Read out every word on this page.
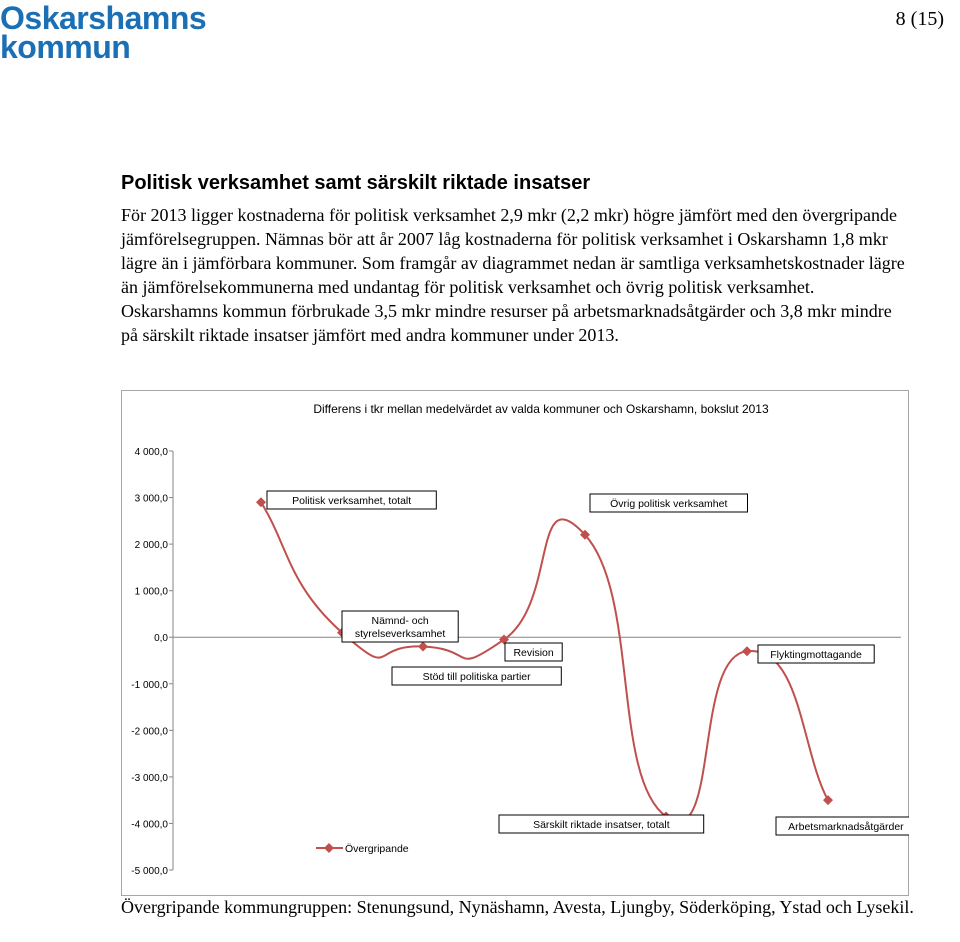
Oskarshamns
kommun
8 (15)
Politisk verksamhet samt särskilt riktade insatser

För 2013 ligger kostnaderna för politisk verksamhet 2,9 mkr (2,2 mkr) högre jämfört med den övergripande jämförelsegruppen. Nämnas bör att år 2007 låg kostnaderna för politisk verksamhet i Oskarshamn 1,8 mkr lägre än i jämförbara kommuner. Som framgår av diagrammet nedan är samtliga verksamhetskostnader lägre än jämförelsekommunerna med undantag för politisk verksamhet och övrig politisk verksamhet. Oskarshamns kommun förbrukade 3,5 mkr mindre resurser på arbetsmarknadsåtgärder och 3,8 mkr mindre på särskilt riktade insatser jämfört med andra kommuner under 2013.

Differens i tkr mellan medelvärdet av valda kommuner och Oskarshamn, bokslut 2013
4 000,0
3 000,0
2 000,0
1 000,0
0,0
-1 000,0
-2 000,0
-3 000,0
-4 000,0
-5 000,0
Politisk verksamhet, totalt
Nämnd- och
styrelseverksamhet
Stöd till politiska partier
Revision
Övrig politisk verksamhet
Särskilt riktade insatser, totalt
Flyktingmottagande
Arbetsmarknadsåtgärder
Övergripande

Övergripande kommungruppen: Stenungsund, Nynäshamn, Avesta, Ljungby, Söderköping, Ystad och Lysekil.
